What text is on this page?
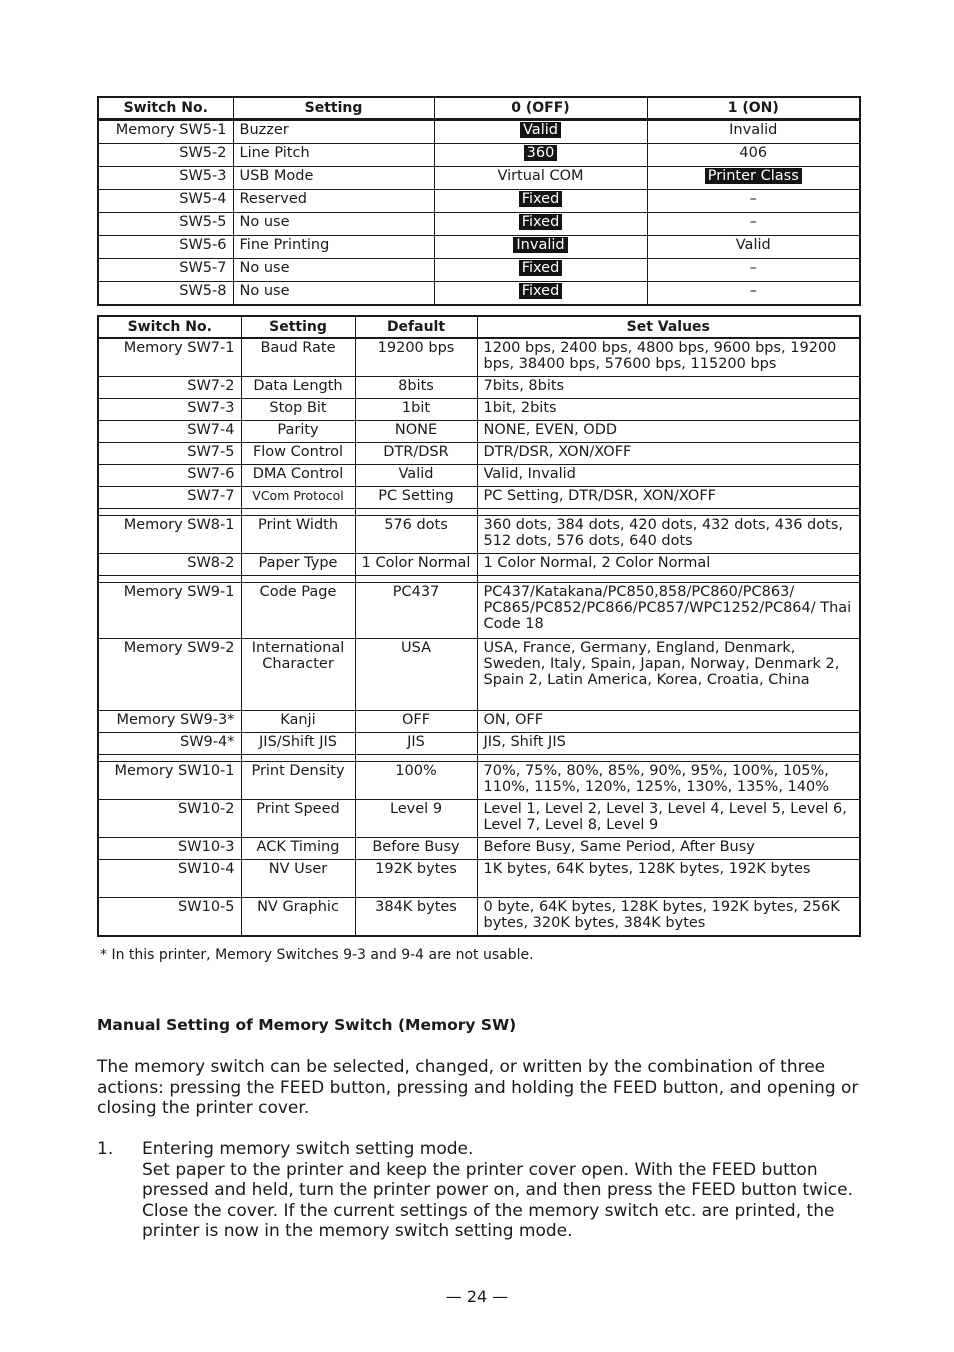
Switch No.	Setting	0 (OFF)	1 (ON)
Memory SW5-1	Buzzer	Valid	Invalid
SW5-2	Line Pitch	360	406
SW5-3	USB Mode	Virtual COM	Printer Class
SW5-4	Reserved	Fixed	–
SW5-5	No use	Fixed	–
SW5-6	Fine Printing	Invalid	Valid
SW5-7	No use	Fixed	–
SW5-8	No use	Fixed	–
Switch No.	Setting	Default	Set Values
Memory SW7-1	Baud Rate	19200 bps	1200 bps, 2400 bps, 4800 bps, 9600 bps, 19200 bps, 38400 bps, 57600 bps, 115200 bps
SW7-2	Data Length	8bits	7bits, 8bits
SW7-3	Stop Bit	1bit	1bit, 2bits
SW7-4	Parity	NONE	NONE, EVEN, ODD
SW7-5	Flow Control	DTR/DSR	DTR/DSR, XON/XOFF
SW7-6	DMA Control	Valid	Valid, Invalid
SW7-7	VCom Protocol	PC Setting	PC Setting, DTR/DSR, XON/XOFF

Memory SW8-1	Print Width	576 dots	360 dots, 384 dots, 420 dots, 432 dots, 436 dots, 512 dots, 576 dots, 640 dots
SW8-2	Paper Type	1 Color Normal	1 Color Normal, 2 Color Normal

Memory SW9-1	Code Page	PC437	PC437/Katakana/PC850,858/PC860/PC863/ PC865/PC852/PC866/PC857/WPC1252/PC864/ Thai Code 18
Memory SW9-2	International Character	USA	USA, France, Germany, England, Denmark, Sweden, Italy, Spain, Japan, Norway, Denmark 2, Spain 2, Latin America, Korea, Croatia, China
Memory SW9-3*	Kanji	OFF	ON, OFF
SW9-4*	JIS/Shift JIS	JIS	JIS, Shift JIS

Memory SW10-1	Print Density	100%	70%, 75%, 80%, 85%, 90%, 95%, 100%, 105%, 110%, 115%, 120%, 125%, 130%, 135%, 140%
SW10-2	Print Speed	Level 9	Level 1, Level 2, Level 3, Level 4, Level 5, Level 6, Level 7, Level 8, Level 9
SW10-3	ACK Timing	Before Busy	Before Busy, Same Period, After Busy
SW10-4	NV User	192K bytes	1K bytes, 64K bytes, 128K bytes, 192K bytes
SW10-5	NV Graphic	384K bytes	0 byte, 64K bytes, 128K bytes, 192K bytes, 256K bytes, 320K bytes, 384K bytes
* In this printer, Memory Switches 9-3 and 9-4 are not usable.
Manual Setting of Memory Switch (Memory SW)
The memory switch can be selected, changed, or written by the combination of three actions: pressing the FEED button, pressing and holding the FEED button, and opening or closing the printer cover.
1. Entering memory switch setting mode.
Set paper to the printer and keep the printer cover open. With the FEED button pressed and held, turn the printer power on, and then press the FEED button twice. Close the cover. If the current settings of the memory switch etc. are printed, the printer is now in the memory switch setting mode.
— 24 —
